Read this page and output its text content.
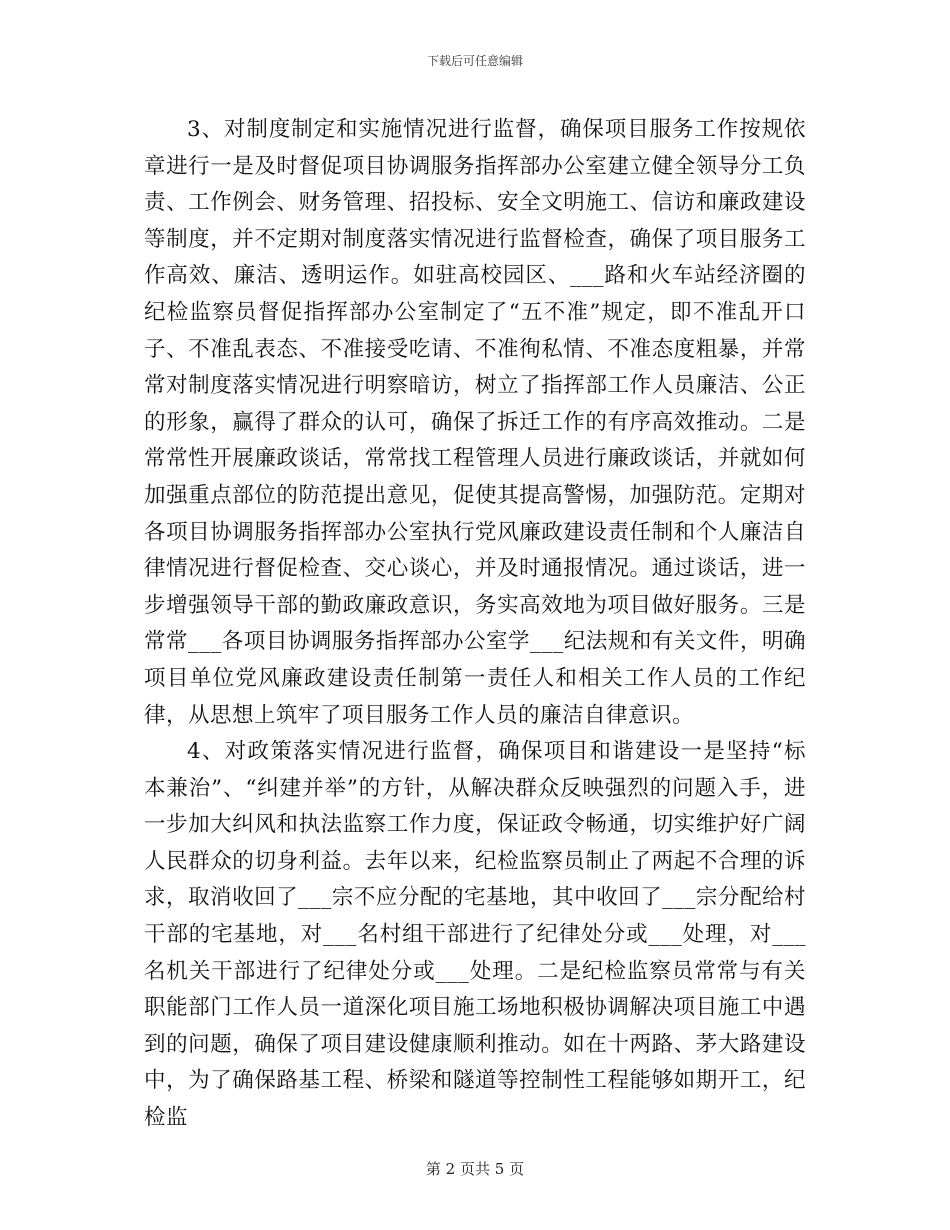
下载后可任意编辑

3、对制度制定和实施情况进行监督，确保项目服务工作按规依章进行一是及时督促项目协调服务指挥部办公室建立健全领导分工负责、工作例会、财务管理、招投标、安全文明施工、信访和廉政建设等制度，并不定期对制度落实情况进行监督检查，确保了项目服务工作高效、廉洁、透明运作。如驻高校园区、___路和火车站经济圈的纪检监察员督促指挥部办公室制定了“五不准”规定，即不准乱开口子、不准乱表态、不准接受吃请、不准徇私情、不准态度粗暴，并常常对制度落实情况进行明察暗访，树立了指挥部工作人员廉洁、公正的形象，赢得了群众的认可，确保了拆迁工作的有序高效推动。二是常常性开展廉政谈话，常常找工程管理人员进行廉政谈话，并就如何加强重点部位的防范提出意见，促使其提高警惕，加强防范。定期对各项目协调服务指挥部办公室执行党风廉政建设责任制和个人廉洁自律情况进行督促检查、交心谈心，并及时通报情况。通过谈话，进一步增强领导干部的勤政廉政意识，务实高效地为项目做好服务。三是常常___各项目协调服务指挥部办公室学___纪法规和有关文件，明确项目单位党风廉政建设责任制第一责任人和相关工作人员的工作纪律，从思想上筑牢了项目服务工作人员的廉洁自律意识。

4、对政策落实情况进行监督，确保项目和谐建设一是坚持“标本兼治”、“纠建并举”的方针，从解决群众反映强烈的问题入手，进一步加大纠风和执法监察工作力度，保证政令畅通，切实维护好广阔人民群众的切身利益。去年以来，纪检监察员制止了两起不合理的诉求，取消收回了___宗不应分配的宅基地，其中收回了___宗分配给村干部的宅基地，对___名村组干部进行了纪律处分或___处理，对___名机关干部进行了纪律处分或___处理。二是纪检监察员常常与有关职能部门工作人员一道深化项目施工场地积极协调解决项目施工中遇到的问题，确保了项目建设健康顺利推动。如在十两路、茅大路建设中，为了确保路基工程、桥梁和隧道等控制性工程能够如期开工，纪检监

第 2 页共 5 页
